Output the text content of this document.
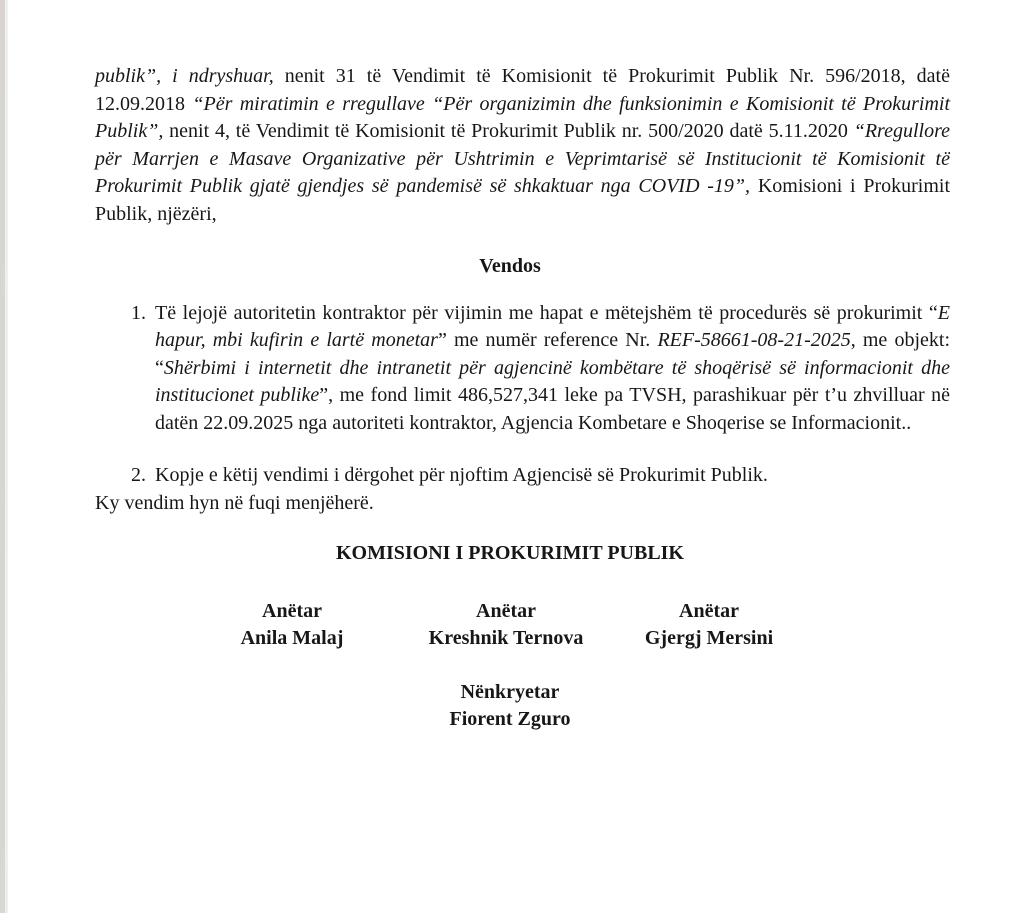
publik”, i ndryshuar, nenit 31 të Vendimit të Komisionit të Prokurimit Publik Nr. 596/2018, datë 12.09.2018 “Për miratimin e rregullave “Për organizimin dhe funksionimin e Komisionit të Prokurimit Publik”, nenit 4, të Vendimit të Komisionit të Prokurimit Publik nr. 500/2020 datë 5.11.2020 “Rregullore për Marrjen e Masave Organizative për Ushtrimin e Veprimtarisë së Institucionit të Komisionit të Prokurimit Publik gjatë gjendjes së pandemisë së shkaktuar nga COVID -19”, Komisioni i Prokurimit Publik, njëzëri,

Vendos
1. Të lejojë autoritetin kontraktor për vijimin me hapat e mëtejshëm të procedurës së prokurimit “E hapur, mbi kufirin e lartë monetar” me numër reference Nr. REF-58661-08-21-2025, me objekt: “Shërbimi i internetit dhe intranetit për agjencinë kombëtare të shoqërisë së informacionit dhe institucionet publike”, me fond limit 486,527,341 leke pa TVSH, parashikuar për t’u zhvilluar në datën 22.09.2025 nga autoriteti kontraktor, Agjencia Kombetare e Shoqerise se Informacionit..
2. Kopje e këtij vendimi i dërgohet për njoftim Agjencisë së Prokurimit Publik.

Ky vendim hyn në fuqi menjëherë.

KOMISIONI I PROKURIMIT PUBLIK
Anëtar
Anila Malaj
Anëtar
Kreshnik Ternova
Anëtar
Gjergj Mersini
Nënkryetar
Fiorent Zguro
